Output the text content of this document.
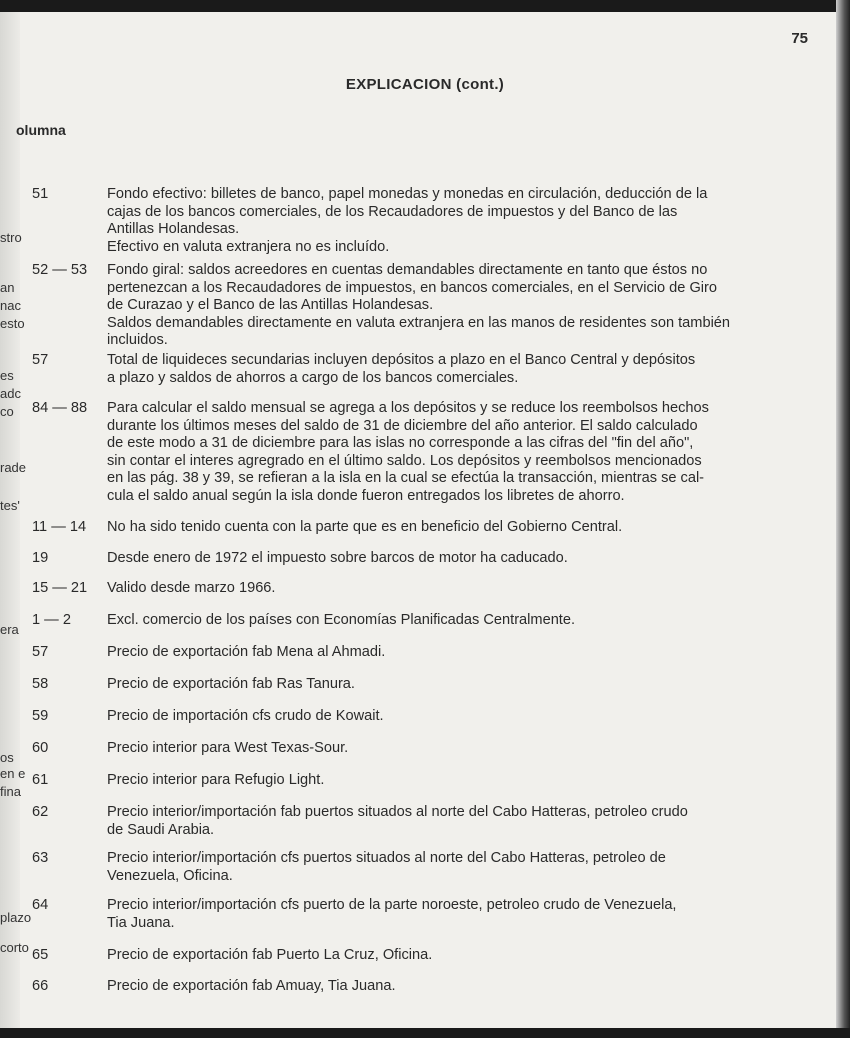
75
EXPLICACION (cont.)
olumna
stro
an
nac
esto
es
adc
co
rade
tes'
era
os
en e
fina
plazo
corto
51	Fondo efectivo: billetes de banco, papel monedas y monedas en circulación, deducción de la
cajas de los bancos comerciales, de los Recaudadores de impuestos y del Banco de las
Antillas Holandesas.
Efectivo en valuta extranjera no es incluído.
52 — 53 Fondo giral: saldos acreedores en cuentas demandables directamente en tanto que éstos no
pertenezcan a los Recaudadores de impuestos, en bancos comerciales, en el Servicio de Giro
de Curazao y el Banco de las Antillas Holandesas.
Saldos demandables directamente en valuta extranjera en las manos de residentes son también
incluidos.
57	Total de liquideces secundarias incluyen depósitos a plazo en el Banco Central y depósitos
a plazo y saldos de ahorros a cargo de los bancos comerciales.
84 — 88 Para calcular el saldo mensual se agrega a los depósitos y se reduce los reembolsos hechos
durante los últimos meses del saldo de 31 de diciembre del año anterior. El saldo calculado
de este modo a 31 de diciembre para las islas no corresponde a las cifras del "fin del año",
sin contar el interes agregrado en el último saldo. Los depósitos y reembolsos mencionados
en las pág. 38 y 39, se refieran a la isla en la cual se efectúa la transacción, mientras se cal-
cula el saldo anual según la isla donde fueron entregados los libretes de ahorro.
11 — 14 No ha sido tenido cuenta con la parte que es en beneficio del Gobierno Central.
19	Desde enero de 1972 el impuesto sobre barcos de motor ha caducado.
15 — 21 Valido desde marzo 1966.
1 — 2 Excl. comercio de los países con Economías Planificadas Centralmente.
57	Precio de exportación fab Mena al Ahmadi.
58	Precio de exportación fab Ras Tanura.
59	Precio de importación cfs crudo de Kowait.
60	Precio interior para West Texas-Sour.
61	Precio interior para Refugio Light.
62	Precio interior/importación fab puertos situados al norte del Cabo Hatteras, petroleo crudo
de Saudi Arabia.
63	Precio interior/importación cfs puertos situados al norte del Cabo Hatteras, petroleo de
Venezuela, Oficina.
64	Precio interior/importación cfs puerto de la parte noroeste, petroleo crudo de Venezuela,
Tia Juana.
65	Precio de exportación fab Puerto La Cruz, Oficina.
66	Precio de exportación fab Amuay, Tia Juana.
